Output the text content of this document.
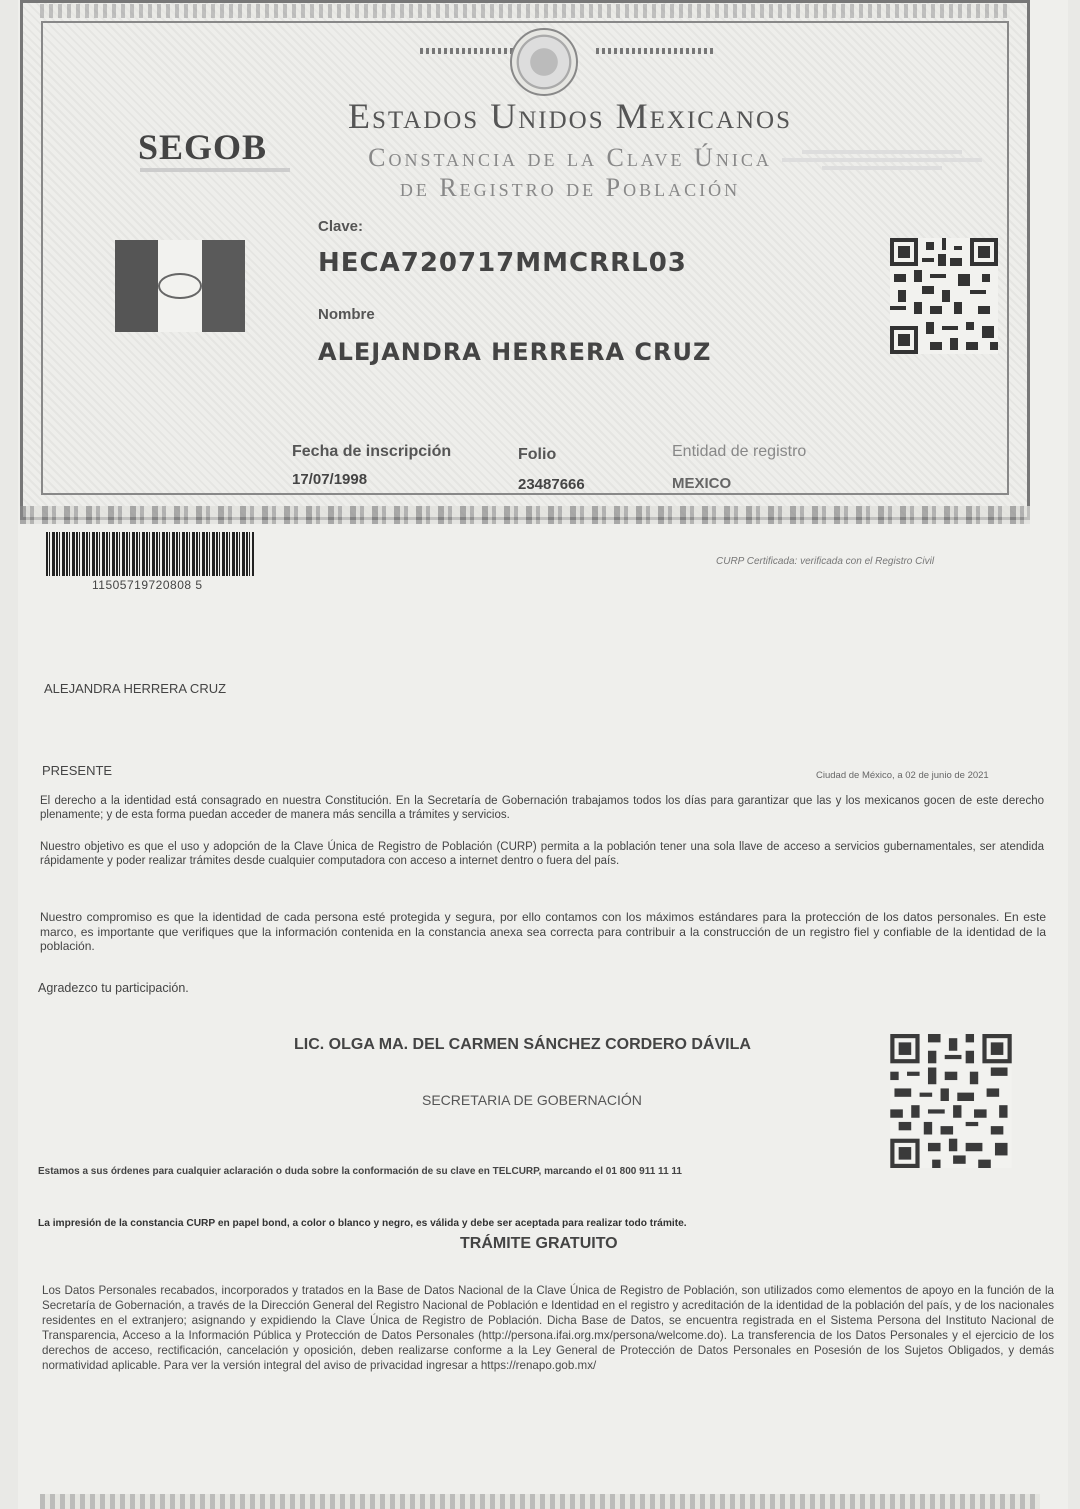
SEGOB
Estados Unidos Mexicanos
Constancia de la Clave Única
de Registro de Población
Clave:
HECA720717MMCRRL03
Nombre
ALEJANDRA HERRERA CRUZ
Fecha de inscripción
17/07/1998
Folio
23487666
Entidad de registro
MEXICO
11505719720808 5
CURP Certificada: verificada con el Registro Civil
ALEJANDRA HERRERA CRUZ
PRESENTE	Ciudad de México, a 02 de junio de 2021
El derecho a la identidad está consagrado en nuestra Constitución. En la Secretaría de Gobernación trabajamos todos los días para garantizar que las y los mexicanos gocen de este derecho plenamente; y de esta forma puedan acceder de manera más sencilla a trámites y servicios.
Nuestro objetivo es que el uso y adopción de la Clave Única de Registro de Población (CURP) permita a la población tener una sola llave de acceso a servicios gubernamentales, ser atendida rápidamente y poder realizar trámites desde cualquier computadora con acceso a internet dentro o fuera del país.
Nuestro compromiso es que la identidad de cada persona esté protegida y segura, por ello contamos con los máximos estándares para la protección de los datos personales. En este marco, es importante que verifiques que la información contenida en la constancia anexa sea correcta para contribuir a la construcción de un registro fiel y confiable de la identidad de la población.
Agradezco tu participación.
LIC. OLGA MA. DEL CARMEN SÁNCHEZ CORDERO DÁVILA
SECRETARIA DE GOBERNACIÓN
Estamos a sus órdenes para cualquier aclaración o duda sobre la conformación de su clave en TELCURP, marcando el 01 800 911 11 11
La impresión de la constancia CURP en papel bond, a color o blanco y negro, es válida y debe ser aceptada para realizar todo trámite.
TRÁMITE GRATUITO
Los Datos Personales recabados, incorporados y tratados en la Base de Datos Nacional de la Clave Única de Registro de Población, son utilizados como elementos de apoyo en la función de la Secretaría de Gobernación, a través de la Dirección General del Registro Nacional de Población e Identidad en el registro y acreditación de la identidad de la población del país, y de los nacionales residentes en el extranjero; asignando y expidiendo la Clave Única de Registro de Población. Dicha Base de Datos, se encuentra registrada en el Sistema Persona del Instituto Nacional de Transparencia, Acceso a la Información Pública y Protección de Datos Personales (http://persona.ifai.org.mx/persona/welcome.do). La transferencia de los Datos Personales y el ejercicio de los derechos de acceso, rectificación, cancelación y oposición, deben realizarse conforme a la Ley General de Protección de Datos Personales en Posesión de los Sujetos Obligados, y demás normatividad aplicable. Para ver la versión integral del aviso de privacidad ingresar a https://renapo.gob.mx/
